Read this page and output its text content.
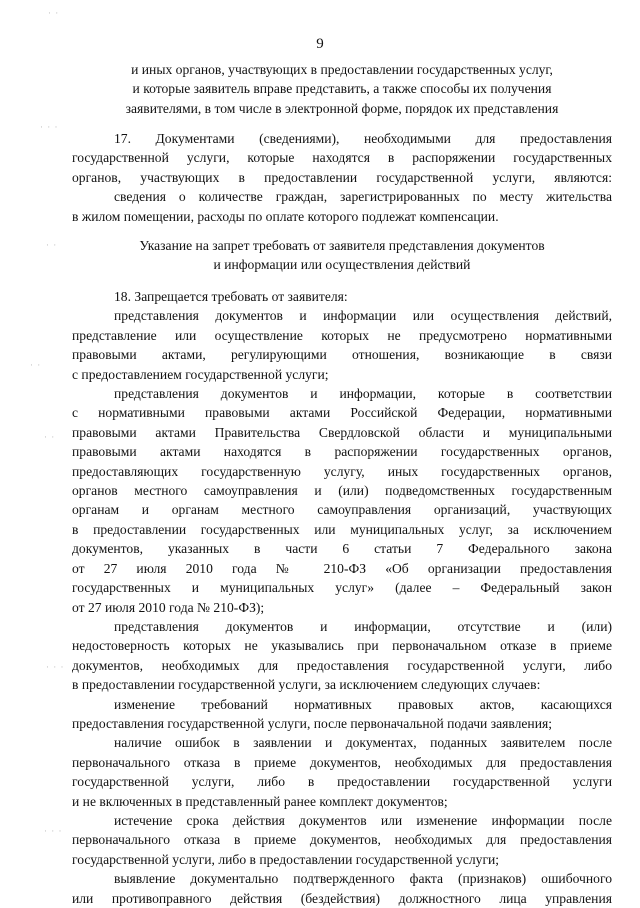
9

и иных органов, участвующих в предоставлении государственных услуг,

и которые заявитель вправе представить, а также способы их получения

заявителями, в том числе в электронной форме, порядок их представления

17. Документами (сведениями), необходимыми для предоставления

государственной услуги, которые находятся в распоряжении государственных

органов, участвующих в предоставлении государственной услуги, являются:

сведения о количестве граждан, зарегистрированных по месту жительства

в жилом помещении, расходы по оплате которого подлежат компенсации.

Указание на запрет требовать от заявителя представления документов

и информации или осуществления действий

18. Запрещается требовать от заявителя:

представления документов и информации или осуществления действий,

представление или осуществление которых не предусмотрено нормативными

правовыми актами, регулирующими отношения, возникающие в связи

с предоставлением государственной услуги;

представления документов и информации, которые в соответствии

с нормативными правовыми актами Российской Федерации, нормативными

правовыми актами Правительства Свердловской области и муниципальными

правовыми актами находятся в распоряжении государственных органов,

предоставляющих государственную услугу, иных государственных органов,

органов местного самоуправления и (или) подведомственных государственным

органам и органам местного самоуправления организаций, участвующих

в предоставлении государственных или муниципальных услуг, за исключением

документов, указанных в части 6 статьи 7 Федерального закона

от 27 июля 2010 года № 210-ФЗ «Об организации предоставления

государственных и муниципальных услуг» (далее – Федеральный закон

от 27 июля 2010 года № 210-ФЗ);

представления документов и информации, отсутствие и (или)

недостоверность которых не указывались при первоначальном отказе в приеме

документов, необходимых для предоставления государственной услуги, либо

в предоставлении государственной услуги, за исключением следующих случаев:

изменение требований нормативных правовых актов, касающихся

предоставления государственной услуги, после первоначальной подачи заявления;

наличие ошибок в заявлении и документах, поданных заявителем после

первоначального отказа в приеме документов, необходимых для предоставления

государственной услуги, либо в предоставлении государственной услуги

и не включенных в представленный ранее комплект документов;

истечение срока действия документов или изменение информации после

первоначального отказа в приеме документов, необходимых для предоставления

государственной услуги, либо в предоставлении государственной услуги;

выявление документально подтвержденного факта (признаков) ошибочного

или противоправного действия (бездействия) должностного лица управления

· ·
· · ·
· ·
· ·
· ·
· · ·
· · ·
